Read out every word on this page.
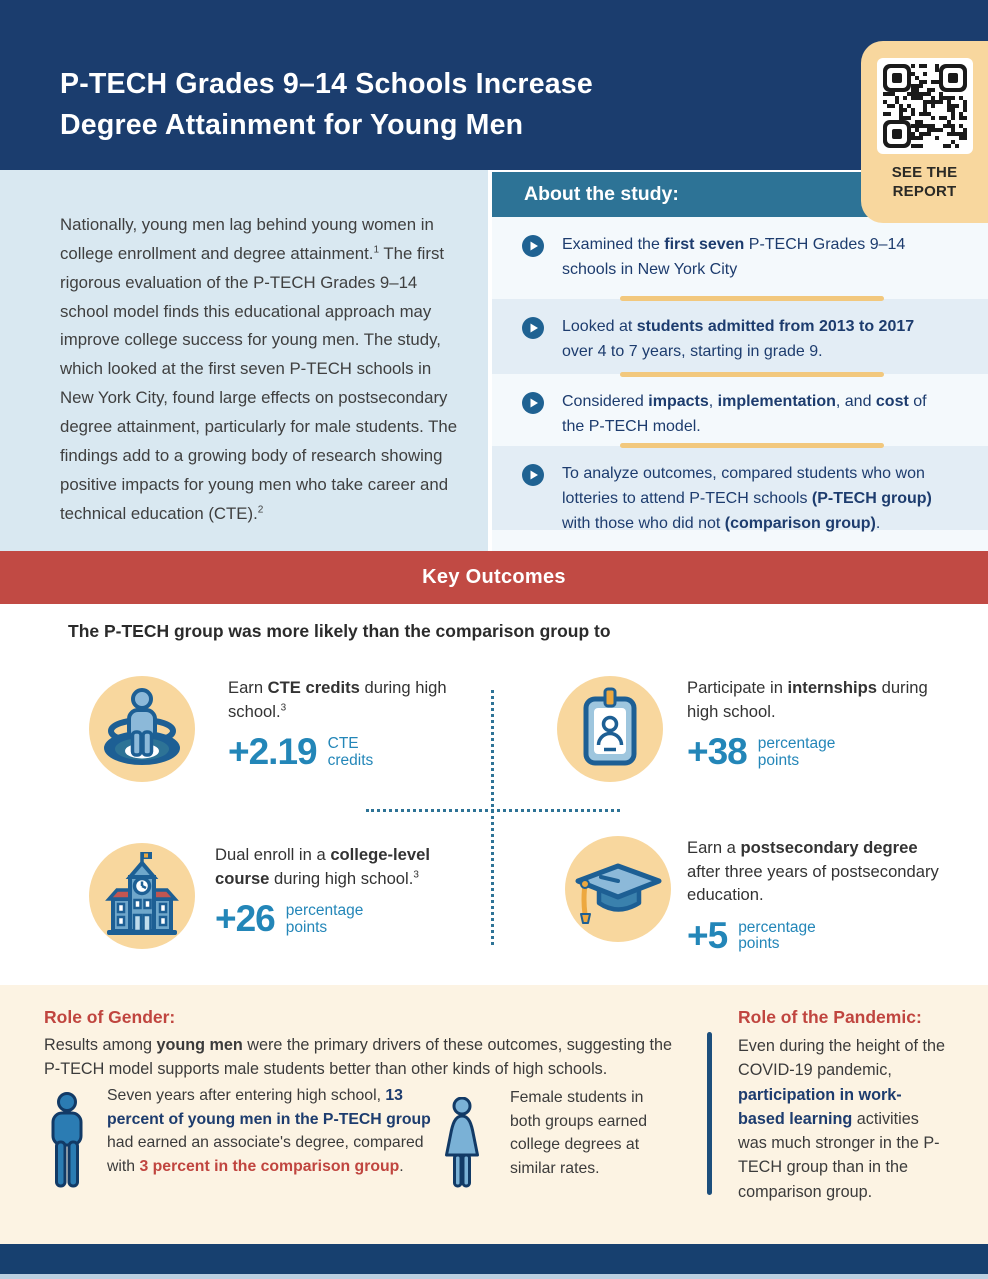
P-TECH Grades 9–14 Schools Increase
Degree Attainment for Young Men
SEE THE
REPORT

Nationally, young men lag behind young women in college enrollment and degree attainment.$^1$ The first rigorous evaluation of the P-TECH Grades 9–14 school model finds this educational approach may improve college success for young men. The study, which looked at the first seven P-TECH schools in New York City, found large effects on postsecondary degree attainment, particularly for male students. The findings add to a growing body of research showing positive impacts for young men who take career and technical education (CTE).$^2$

About the study:

Examined the first seven P-TECH Grades 9–14 schools in New York City

Looked at students admitted from 2013 to 2017 over 4 to 7 years, starting in grade 9.

Considered impacts, implementation, and cost of the P-TECH model.

To analyze outcomes, compared students who won lotteries to attend P-TECH schools (P-TECH group) with those who did not (comparison group).

Key Outcomes

The P-TECH group was more likely than the comparison group to

Earn CTE credits during high school.$^3$

+2.19 CTE
credits

Participate in internships during high school.

+38 percentage
points

Dual enroll in a college-level course during high school.$^3$

+26 percentage
points

Earn a postsecondary degree after three years of postsecondary education.

+5 percentage
points

Role of Gender:

Results among young men were the primary drivers of these outcomes, suggesting the P-TECH model supports male students better than other kinds of high schools.

Seven years after entering high school, 13 percent of young men in the P-TECH group had earned an associate's degree, compared with 3 percent in the comparison group.

Female students in both groups earned college degrees at similar rates.

Role of the Pandemic:

Even during the height of the COVID-19 pandemic, participation in work-based learning activities was much stronger in the P-TECH group than in the comparison group.
